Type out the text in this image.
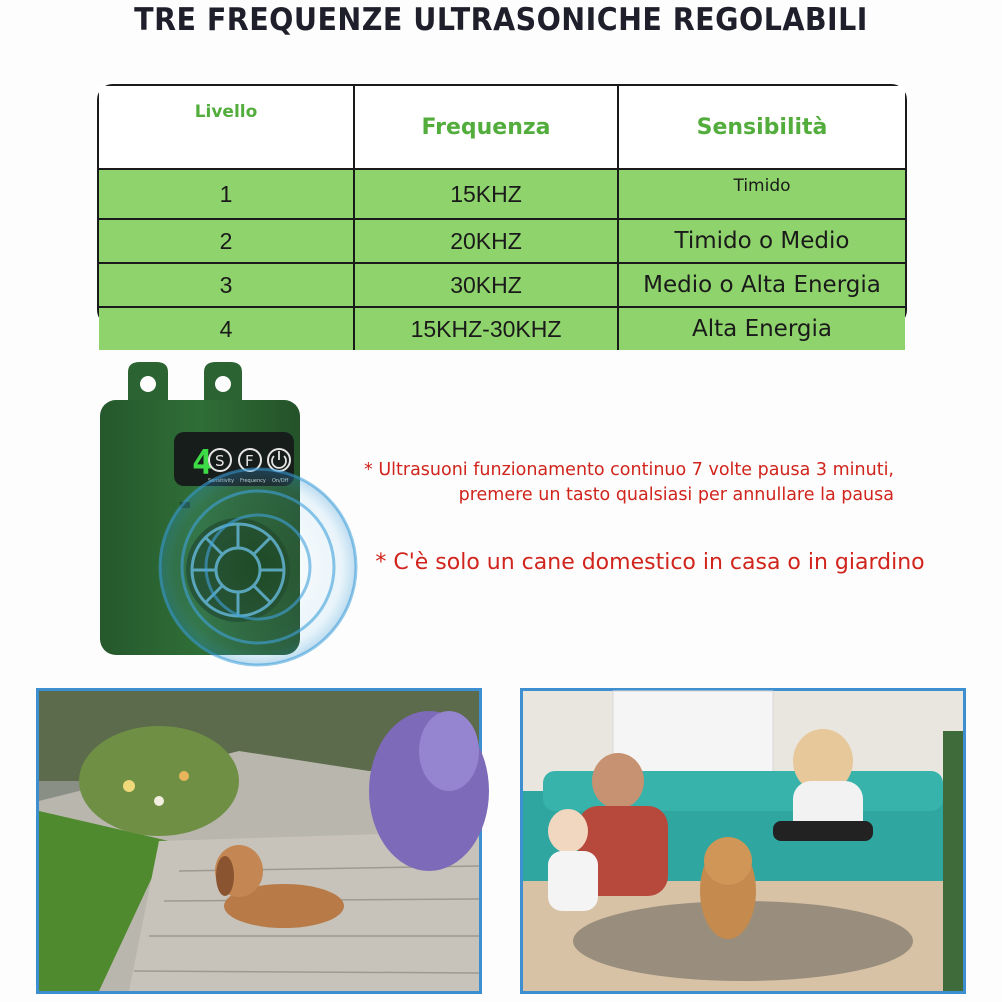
TRE FREQUENZE ULTRASONICHE REGOLABILI
Livello	Frequenza	Sensibilità
1	15KHZ	Timido
2	20KHZ	Timido o Medio
3	30KHZ	Medio o Alta Energia
4	15KHZ-30KHZ	Alta Energia
4 S F
Sensitivity Frequency On/Off
* Ultrasuoni funzionamento continuo 7 volte pausa 3 minuti, premere un tasto qualsiasi per annullare la pausa
* C'è solo un cane domestico in casa o in giardino
